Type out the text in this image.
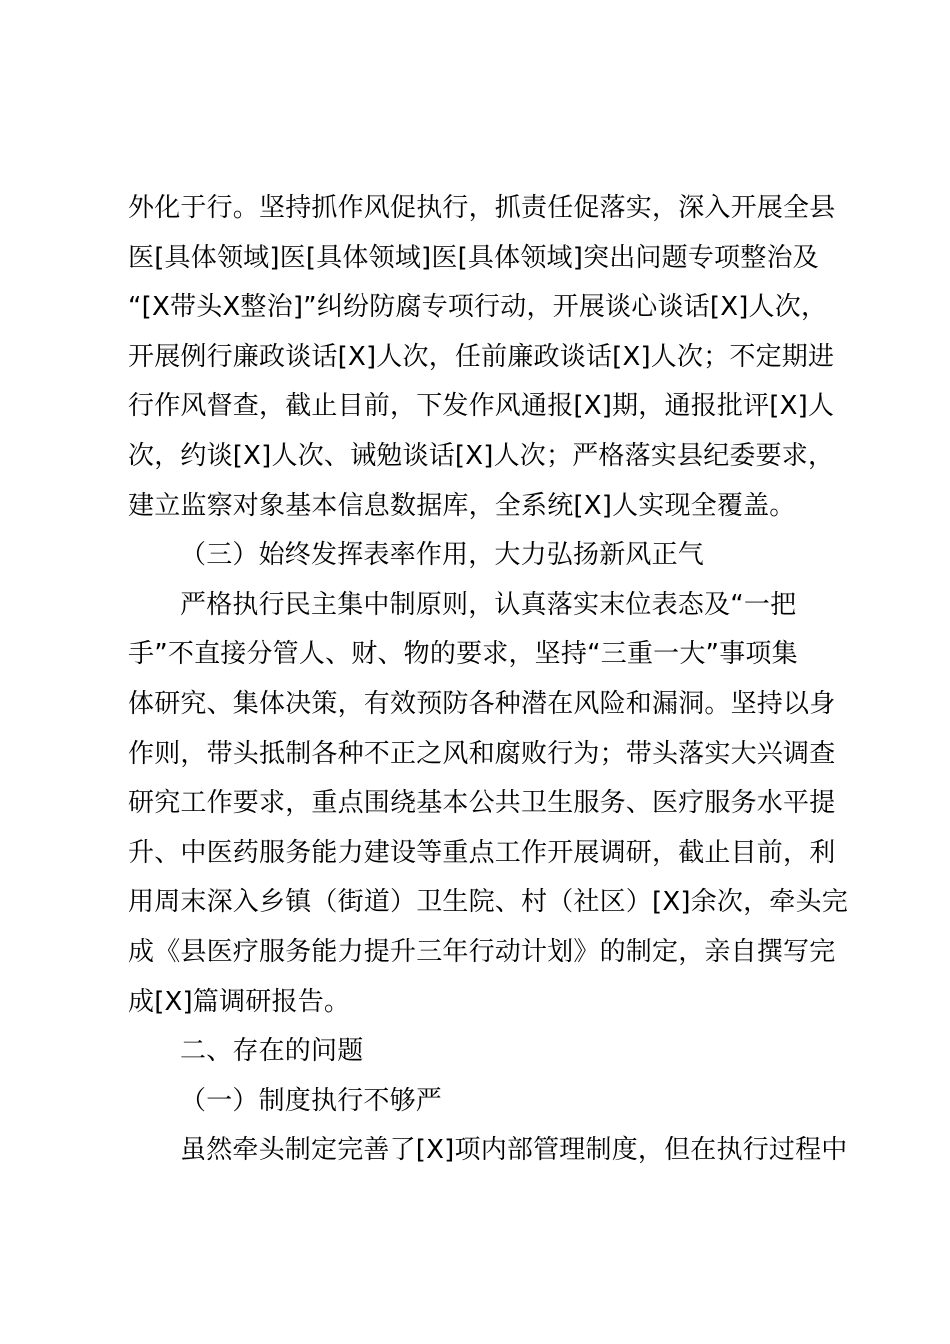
外化于行。坚持抓作风促执行，抓责任促落实，深入开展全县
医[具体领域]医[具体领域]医[具体领域]突出问题专项整治及
“[X带头X整治]”纠纷防腐专项行动，开展谈心谈话[X]人次，
开展例行廉政谈话[X]人次，任前廉政谈话[X]人次；不定期进
行作风督查，截止目前，下发作风通报[X]期，通报批评[X]人
次，约谈[X]人次、诫勉谈话[X]人次；严格落实县纪委要求，
建立监察对象基本信息数据库，全系统[X]人实现全覆盖。
（三）始终发挥表率作用，大力弘扬新风正气
严格执行民主集中制原则，认真落实末位表态及“一把
手”不直接分管人、财、物的要求，坚持“三重一大”事项集
体研究、集体决策，有效预防各种潜在风险和漏洞。坚持以身
作则，带头抵制各种不正之风和腐败行为；带头落实大兴调查
研究工作要求，重点围绕基本公共卫生服务、医疗服务水平提
升、中医药服务能力建设等重点工作开展调研，截止目前，利
用周末深入乡镇（街道）卫生院、村（社区）[X]余次，牵头完
成《县医疗服务能力提升三年行动计划》的制定，亲自撰写完
成[X]篇调研报告。
二、存在的问题
（一）制度执行不够严
虽然牵头制定完善了[X]项内部管理制度，但在执行过程中
